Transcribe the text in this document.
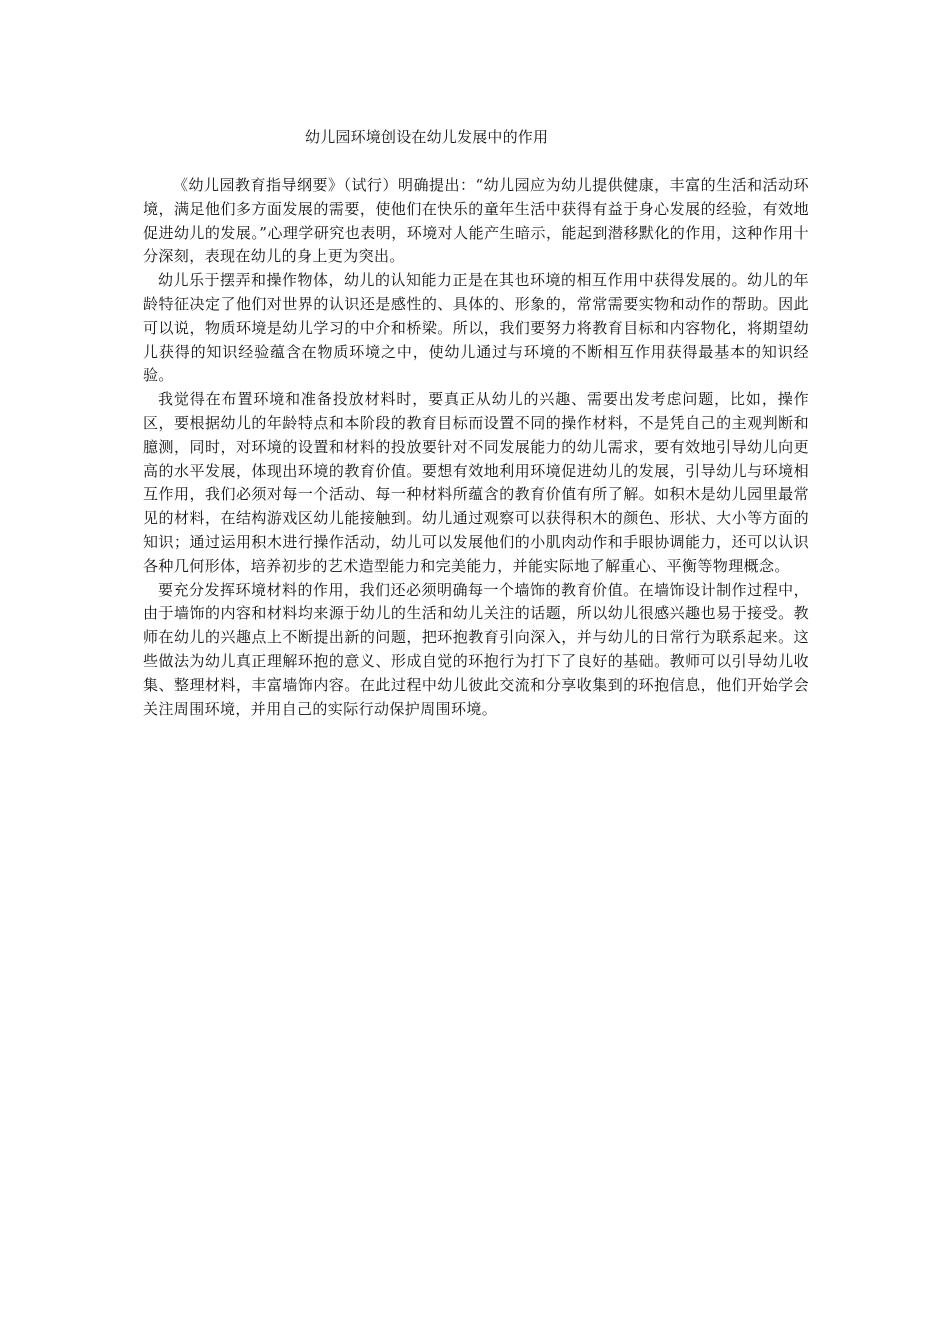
幼儿园环境创设在幼儿发展中的作用

《幼儿园教育指导纲要》（试行）明确提出：“幼儿园应为幼儿提供健康，丰富的生活和活动环境，满足他们多方面发展的需要，使他们在快乐的童年生活中获得有益于身心发展的经验，有效地促进幼儿的发展。”心理学研究也表明，环境对人能产生暗示，能起到潜移默化的作用，这种作用十分深刻，表现在幼儿的身上更为突出。

幼儿乐于摆弄和操作物体，幼儿的认知能力正是在其也环境的相互作用中获得发展的。幼儿的年龄特征决定了他们对世界的认识还是感性的、具体的、形象的，常常需要实物和动作的帮助。因此可以说，物质环境是幼儿学习的中介和桥梁。所以，我们要努力将教育目标和内容物化，将期望幼儿获得的知识经验蕴含在物质环境之中，使幼儿通过与环境的不断相互作用获得最基本的知识经验。

我觉得在布置环境和准备投放材料时，要真正从幼儿的兴趣、需要出发考虑问题，比如，操作区，要根据幼儿的年龄特点和本阶段的教育目标而设置不同的操作材料，不是凭自己的主观判断和臆测，同时，对环境的设置和材料的投放要针对不同发展能力的幼儿需求，要有效地引导幼儿向更高的水平发展，体现出环境的教育价值。要想有效地利用环境促进幼儿的发展，引导幼儿与环境相互作用，我们必须对每一个活动、每一种材料所蕴含的教育价值有所了解。如积木是幼儿园里最常见的材料，在结构游戏区幼儿能接触到。幼儿通过观察可以获得积木的颜色、形状、大小等方面的知识；通过运用积木进行操作活动，幼儿可以发展他们的小肌肉动作和手眼协调能力，还可以认识各种几何形体，培养初步的艺术造型能力和完美能力，并能实际地了解重心、平衡等物理概念。

要充分发挥环境材料的作用，我们还必须明确每一个墙饰的教育价值。在墙饰设计制作过程中，由于墙饰的内容和材料均来源于幼儿的生活和幼儿关注的话题，所以幼儿很感兴趣也易于接受。教师在幼儿的兴趣点上不断提出新的问题，把环抱教育引向深入，并与幼儿的日常行为联系起来。这些做法为幼儿真正理解环抱的意义、形成自觉的环抱行为打下了良好的基础。教师可以引导幼儿收集、整理材料，丰富墙饰内容。在此过程中幼儿彼此交流和分享收集到的环抱信息，他们开始学会关注周围环境，并用自己的实际行动保护周围环境。
